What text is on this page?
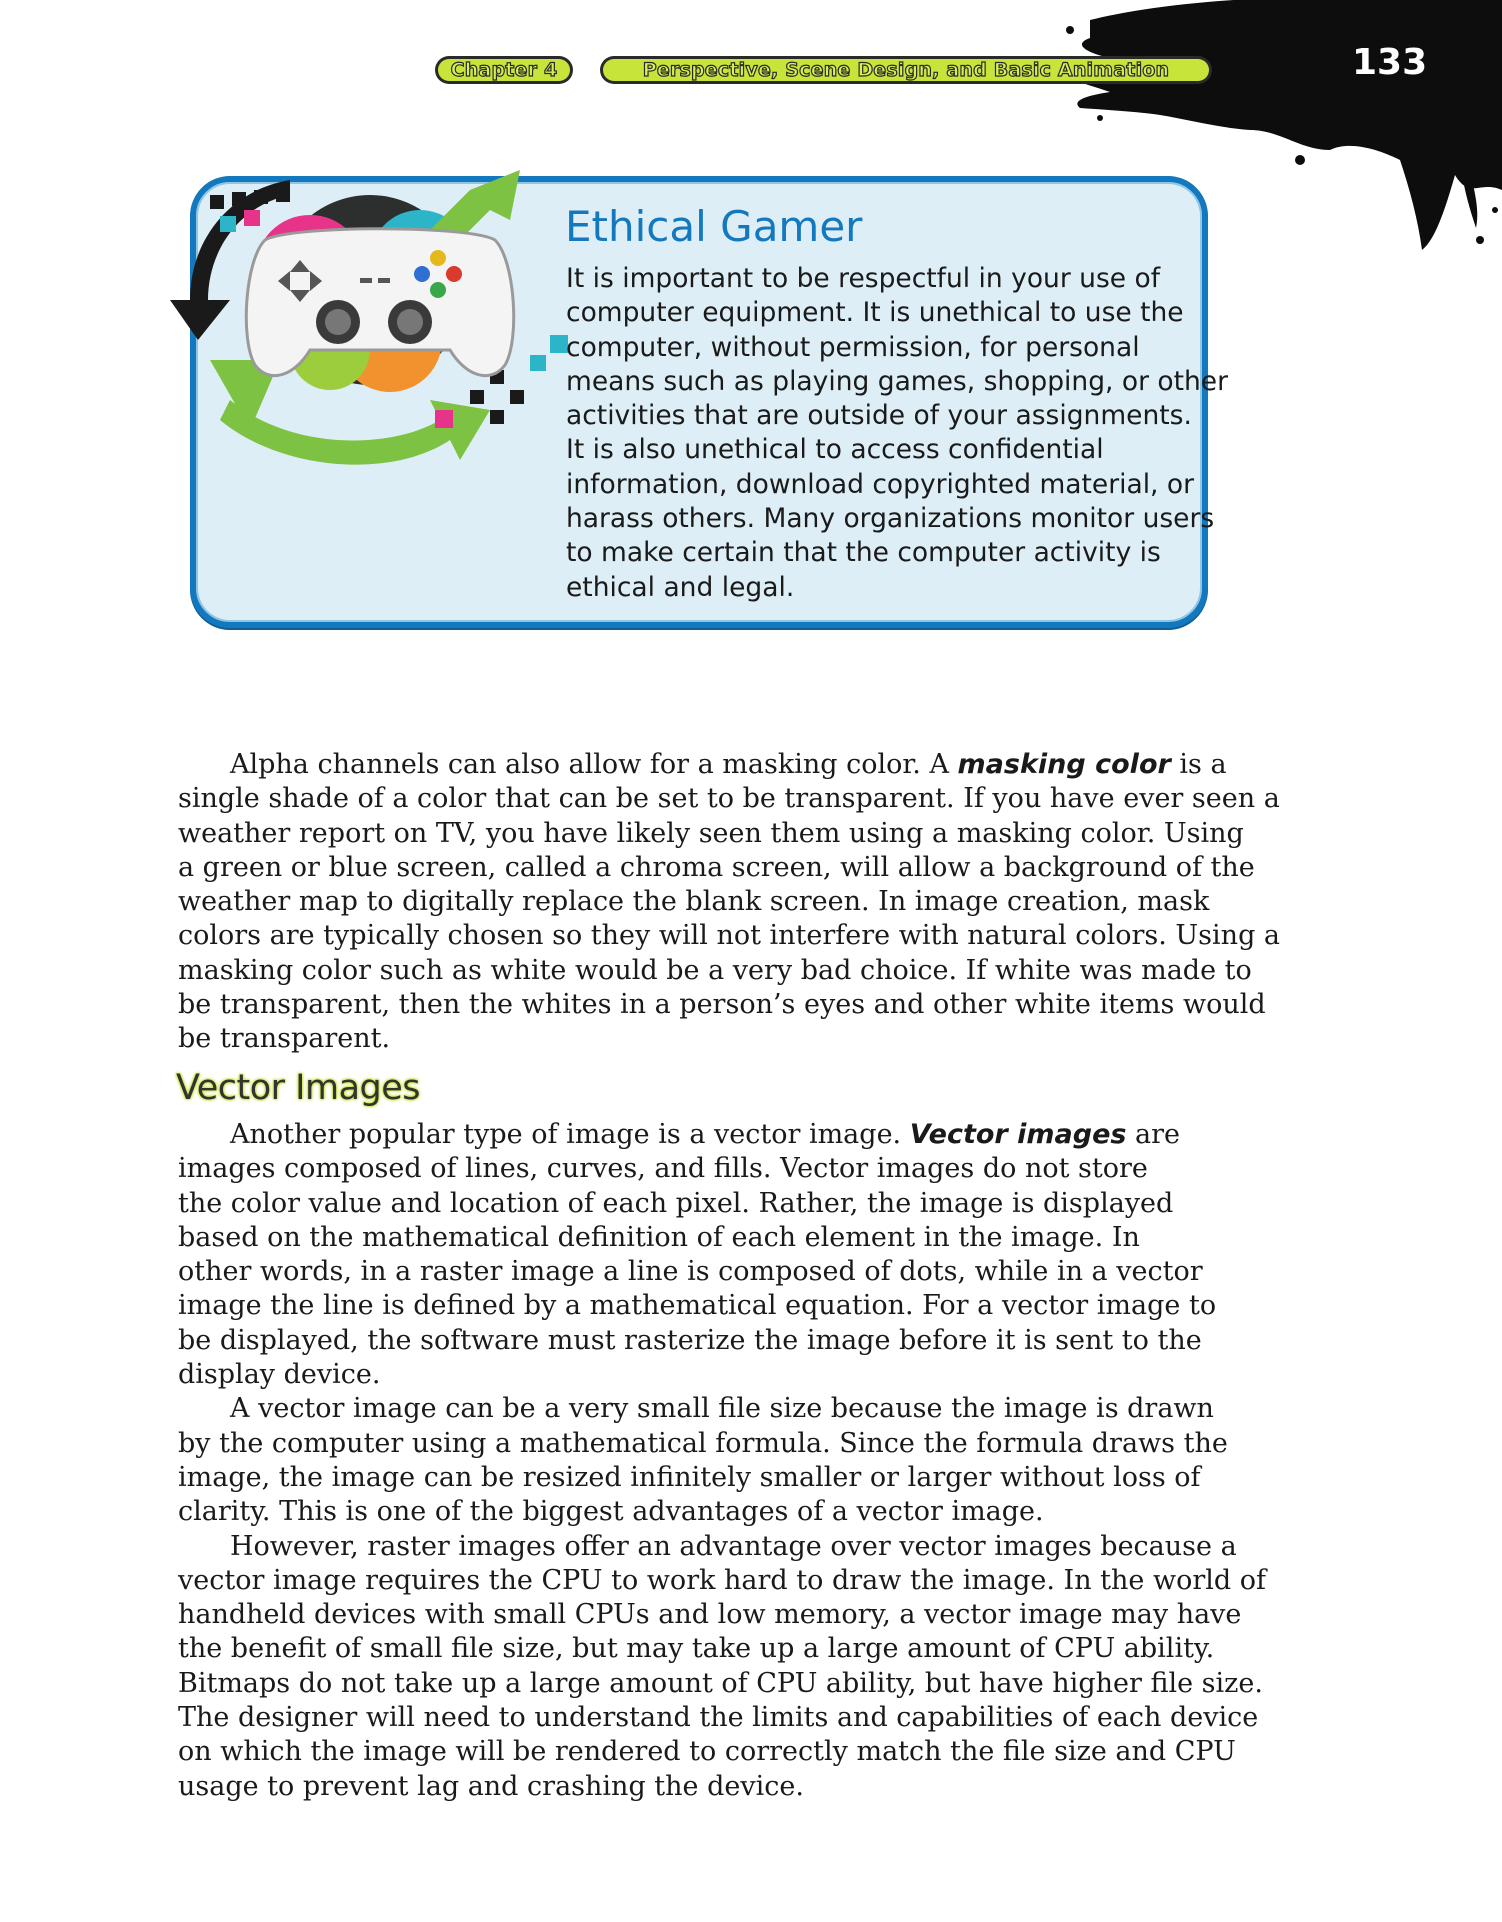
Chapter 4	Perspective, Scene Design, and Basic Animation	133
Ethical Gamer
It is important to be respectful in your use of
computer equipment. It is unethical to use the
computer, without permission, for personal
means such as playing games, shopping, or other
activities that are outside of your assignments.
It is also unethical to access confidential
information, download copyrighted material, or
harass others. Many organizations monitor users
to make certain that the computer activity is
ethical and legal.
Alpha channels can also allow for a masking color. A masking color is a
single shade of a color that can be set to be transparent. If you have ever seen a
weather report on TV, you have likely seen them using a masking color. Using
a green or blue screen, called a chroma screen, will allow a background of the
weather map to digitally replace the blank screen. In image creation, mask
colors are typically chosen so they will not interfere with natural colors. Using a
masking color such as white would be a very bad choice. If white was made to
be transparent, then the whites in a person’s eyes and other white items would
be transparent.
Vector Images
Another popular type of image is a vector image. Vector images are
images composed of lines, curves, and fills. Vector images do not store
the color value and location of each pixel. Rather, the image is displayed
based on the mathematical definition of each element in the image. In
other words, in a raster image a line is composed of dots, while in a vector
image the line is defined by a mathematical equation. For a vector image to
be displayed, the software must rasterize the image before it is sent to the
display device.
A vector image can be a very small file size because the image is drawn
by the computer using a mathematical formula. Since the formula draws the
image, the image can be resized infinitely smaller or larger without loss of
clarity. This is one of the biggest advantages of a vector image.
However, raster images offer an advantage over vector images because a
vector image requires the CPU to work hard to draw the image. In the world of
handheld devices with small CPUs and low memory, a vector image may have
the benefit of small file size, but may take up a large amount of CPU ability.
Bitmaps do not take up a large amount of CPU ability, but have higher file size.
The designer will need to understand the limits and capabilities of each device
on which the image will be rendered to correctly match the file size and CPU
usage to prevent lag and crashing the device.
